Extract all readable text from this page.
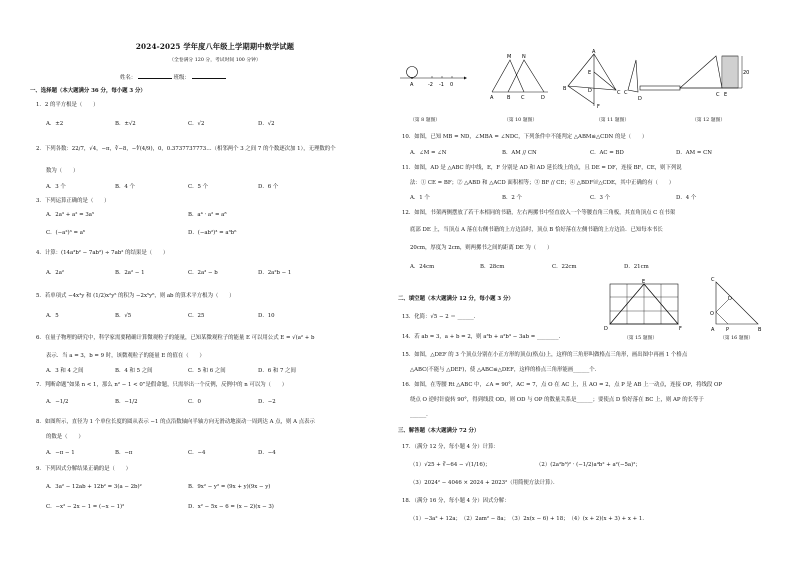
2024-2025 学年度八年级上学期期中数学试题
（全卷满分 120 分，考试时间 100 分钟）
姓名：	班级：
一、选择题（本大题满分 36 分，每小题 3 分）
1．2 的平方根是（　　）
A．±2	B．±√2	C．√2	D．√2
2．下列各数：22/7，√4，−π，∛−8，−∜(4/9)，0，0.3737737773…（相邻两个 3 之间 7 的个数逐次加 1），无理数的个
数为（　　）
A．3 个	B．4 个	C．5 个	D．6 个
3．下列运算正确的是（　　）
A．2a³ + a² = 3a⁵	B．a⁴ · a² = a⁸
C．(−a²)³ = a⁶	D．(−ab²)³ = a³b⁶
4．计算：(14a³b² − 7ab²) ÷ 7ab² 的结果是（　　）
A．2a²	B．2a² − 1	C．2a³ − b	D．2a²b − 1
5．若单项式 −4x³y 和 (1/2)x²y⁵ 的积为 −2x⁵y⁶，则 ab 的算术平方根为（　　）
A．5	B．√5	C．25	D．10
6．在量子物理的研究中，科学家需要精确计算微观粒子的能量，已知某微观粒子的能量 E 可以用公式 E = √(a² + b
表示．当 a = 3，b = 9 时，该微观粒子的能量 E 的值在（　　）
A．3 和 4 之间	B．4 和 5 之间	C．5 和 6 之间	D．6 和 7 之间
7．判断命题“如果 n < 1，那么 n² − 1 < 0”是假命题，只需举出一个反例，反例中的 n 可以为（　　）
A．−1/2	B．−1/2	C．0	D．−2
8．如图所示，直径为 1 个单位长度的圆从表示 −1 的点沿数轴向半轴方向无滑动地滚动一周到达 A 点，则 A 点表示
的数是（　　）
A．−π − 1	B．−π	C．−4	D．−4
9．下列因式分解结果正确的是（　　）
A．3a² − 12ab + 12b² = 3(a − 2b)²	B．9x² − y² = (9x + y)(9x − y)
C．−x² − 2x − 1 = (−x − 1)²	D．x² − 5x − 6 = (x − 2)(x − 3)
A	-2 -1 0
M N
A	B C	D
A
E
D
F
B
C C
D
20
C E
（第 8 题图）	（第 10 题图）	（第 11 题图）	（第 12 题图）
10．如图，已知 MB = ND，∠MBA = ∠NDC，下列条件中不能判定 △ABM≌△CDN 的是（　　）
A．∠M = ∠N	B．AM // CN	C．AC = BD	D．AM = CN
11．如图，AD 是 △ABC 的中线，E，F 分别是 AD 和 AD 延长线上的点，且 DE = DF，连接 BF，CE，则下列说
法：① CE = BF；② △ABD 和 △ACD 面积相等；③ BF // CE；④ △BDF≌△CDE，其中正确的有（　　）
A．1 个	B．2 个	C．3 个	D．4 个
12．如图，书架两侧摆放了若干本相同的书籍，左右两摞书中竖直放入一个等腰直角三角板，其直角顶点 C 在书架
底部 DE 上，当顶点 A 落在右侧书籍的上方边沿时，顶点 B 恰好落在左侧书籍的上方边沿．已知每本书长
20cm，厚度为 2cm，则两摞书之间的距离 DE 为（　　）
A．24cm	B．28cm	C．22cm	D．21cm
E
D	F
C
O
A P	B
D
二、填空题（本大题满分 12 分，每小题 3 分）
13．化简：√5 − 2 ＝ ______．
（第 15 题图）	（第 16 题图）
14．若 ab = 3，a + b = 2，则 a³b + a²b³ − 3ab = ________．
15．如图，△DEF 的 3 个顶点分别在小正方形的顶点(格点)上，这样的三角形叫做格点三角形，画出图中再画 1 个格点
△ABC(不能与 △DEF)，使 △ABC≌△DEF，这样的格点三角形能画______个．
16．如图，在等腰 Rt △ABC 中，∠A = 90°，AC = 7，点 O 在 AC 上，且 AO = 2，点 P 是 AB 上一动点，连接 OP，将线段 OP
绕点 O 逆时针旋转 90°，得到线段 OD，则 OD 与 OP 的数量关系是______；要使点 D 恰好落在 BC 上，则 AP 的长等于
______．
三、解答题（本大题满分 72 分）
17．（满分 12 分，每小题 4 分）计算：
（1）√25 + ∛−64 − √(1/16)；	（2）(2a²b³)² · (−1/2)a⁴b² + a²(−5a)²；
（3）2024² − 4046 × 2024 + 2023²（用简便方法计算）．
18．（满分 16 分，每小题 4 分）因式分解：
（1）−3a² + 12a；　（2）2am² − 8a；　（3）2x(x − 6) + 18；　（4）(x + 2)(x + 3) + x + 1．
